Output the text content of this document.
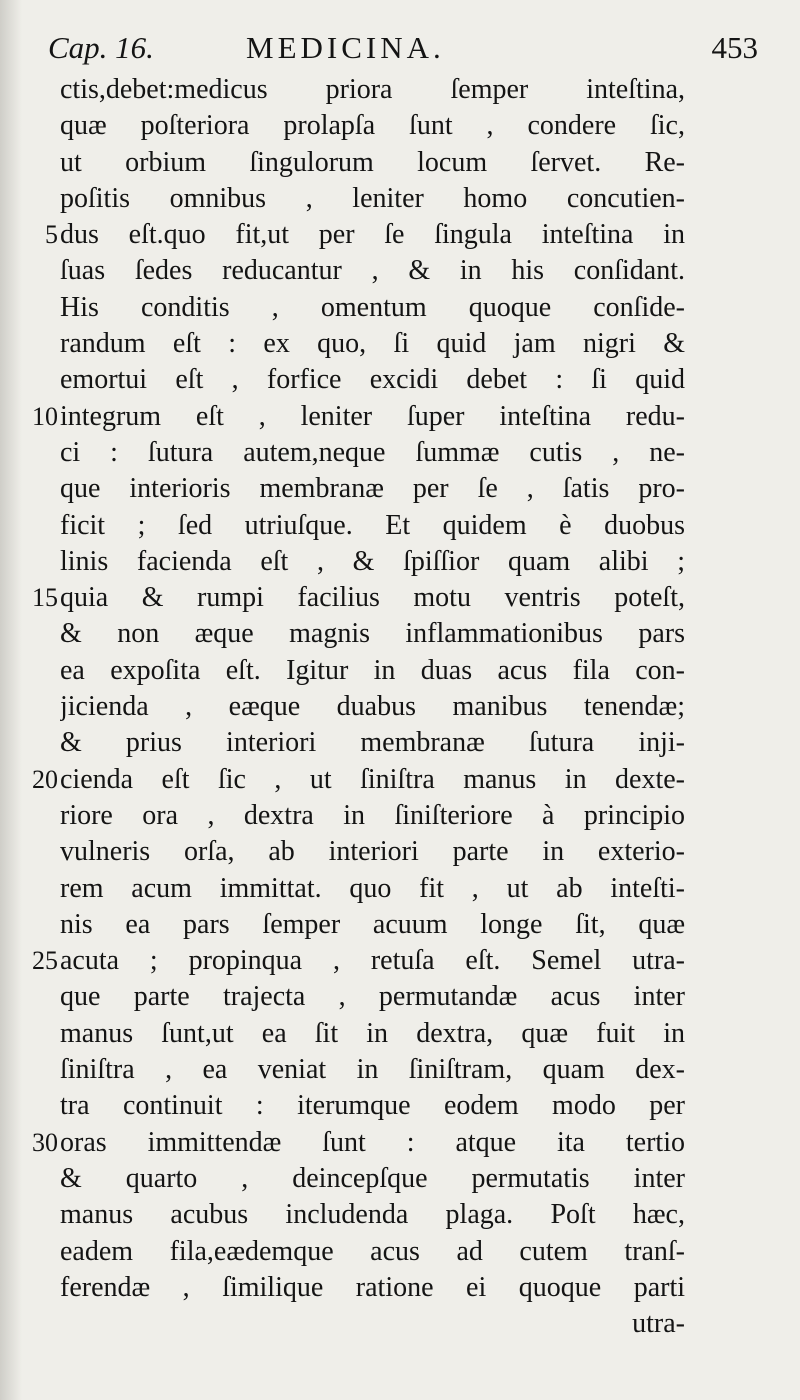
Cap. 16.	MEDICINA.	453
ctis,debet:medicus priora ſemper inteſtina,
quæ poſteriora prolapſa ſunt , condere ſic,
ut orbium ſingulorum locum ſervet. Re-
poſitis omnibus , leniter homo concutien-
5 dus eſt.quo fit,ut per ſe ſingula inteſtina in
ſuas ſedes reducantur , & in his conſidant.
His conditis , omentum quoque conſide-
randum eſt : ex quo, ſi quid jam nigri &
emortui eſt , forfice excidi debet : ſi quid
10 integrum eſt , leniter ſuper inteſtina redu-
ci : ſutura autem,neque ſummæ cutis , ne-
que interioris membranæ per ſe , ſatis pro-
ficit ; ſed utriuſque. Et quidem è duobus
linis facienda eſt , & ſpiſſior quam alibi ;
15 quia & rumpi facilius motu ventris poteſt,
& non æque magnis inflammationibus pars
ea expoſita eſt. Igitur in duas acus fila con-
jicienda , eæque duabus manibus tenendæ;
& prius interiori membranæ ſutura inji-
20 cienda eſt ſic , ut ſiniſtra manus in dexte-
riore ora , dextra in ſiniſteriore à principio
vulneris orſa, ab interiori parte in exterio-
rem acum immittat. quo fit , ut ab inteſti-
nis ea pars ſemper acuum longe ſit, quæ
25 acuta ; propinqua , retuſa eſt. Semel utra-
que parte trajecta , permutandæ acus inter
manus ſunt,ut ea ſit in dextra, quæ fuit in
ſiniſtra , ea veniat in ſiniſtram, quam dex-
tra continuit : iterumque eodem modo per
30 oras immittendæ ſunt : atque ita tertio
& quarto , deincepſque permutatis inter
manus acubus includenda plaga. Poſt hæc,
eadem fila,eædemque acus ad cutem tranſ-
ferendæ , ſimilique ratione ei quoque parti
utra-
